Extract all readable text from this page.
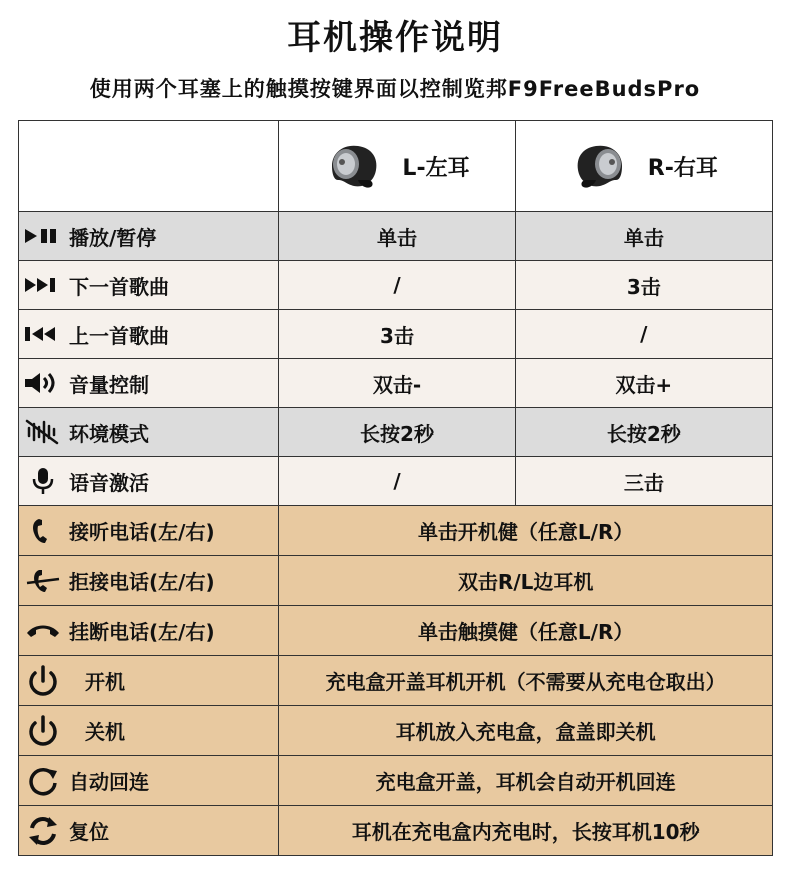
耳机操作说明
使用两个耳塞上的触摸按键界面以控制览邦F9FreeBudsPro

	L-左耳	R-右耳

播放/暂停	单击	单击

下一首歌曲	/	3击

上一首歌曲	3击	/

音量控制	双击-	双击+

环境模式	长按2秒	长按2秒

语音激活	/	三击

接听电话(左/右)	单击开机健（任意L/R）	

拒接电话(左/右)	双击R/L边耳机	

挂断电话(左/右)	单击触摸健（任意L/R）	

开机	充电盒开盖耳机开机（不需要从充电仓取出）	

关机	耳机放入充电盒，盒盖即关机	

自动回连	充电盒开盖，耳机会自动开机回连	

复位	耳机在充电盒内充电时，长按耳机10秒	
